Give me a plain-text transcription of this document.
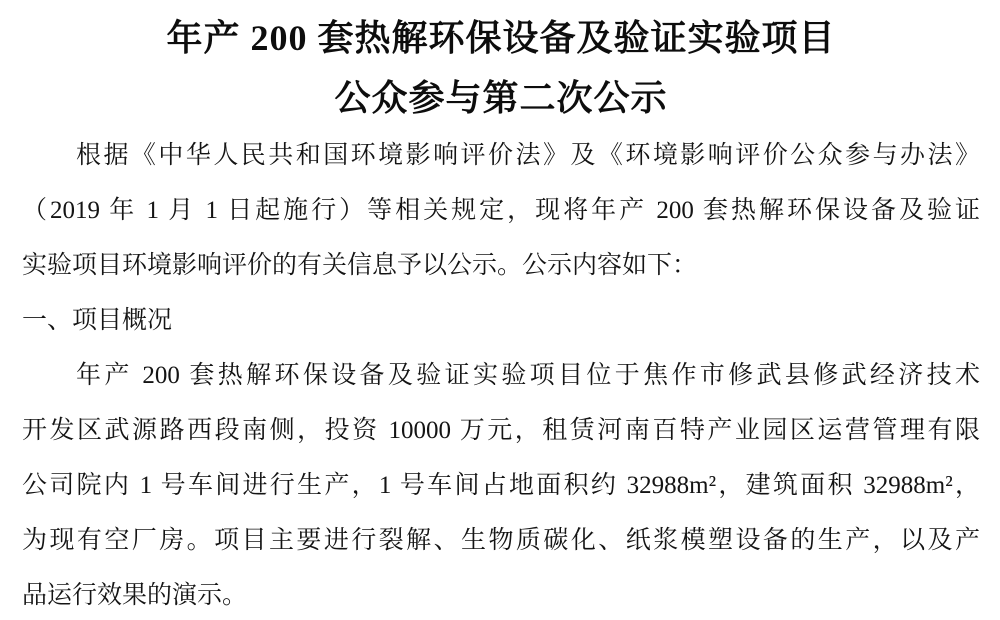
年产 200 套热解环保设备及验证实验项目
公众参与第二次公示
根据《中华人民共和国环境影响评价法》及《环境影响评价公众参与办法》
（2019 年 1 月 1 日起施行）等相关规定，现将年产 200 套热解环保设备及验证
实验项目环境影响评价的有关信息予以公示。公示内容如下：
一、项目概况
年产 200 套热解环保设备及验证实验项目位于焦作市修武县修武经济技术
开发区武源路西段南侧，投资 10000 万元，租赁河南百特产业园区运营管理有限
公司院内 1 号车间进行生产，1 号车间占地面积约 32988m²，建筑面积 32988m²，
为现有空厂房。项目主要进行裂解、生物质碳化、纸浆模塑设备的生产，以及产
品运行效果的演示。
